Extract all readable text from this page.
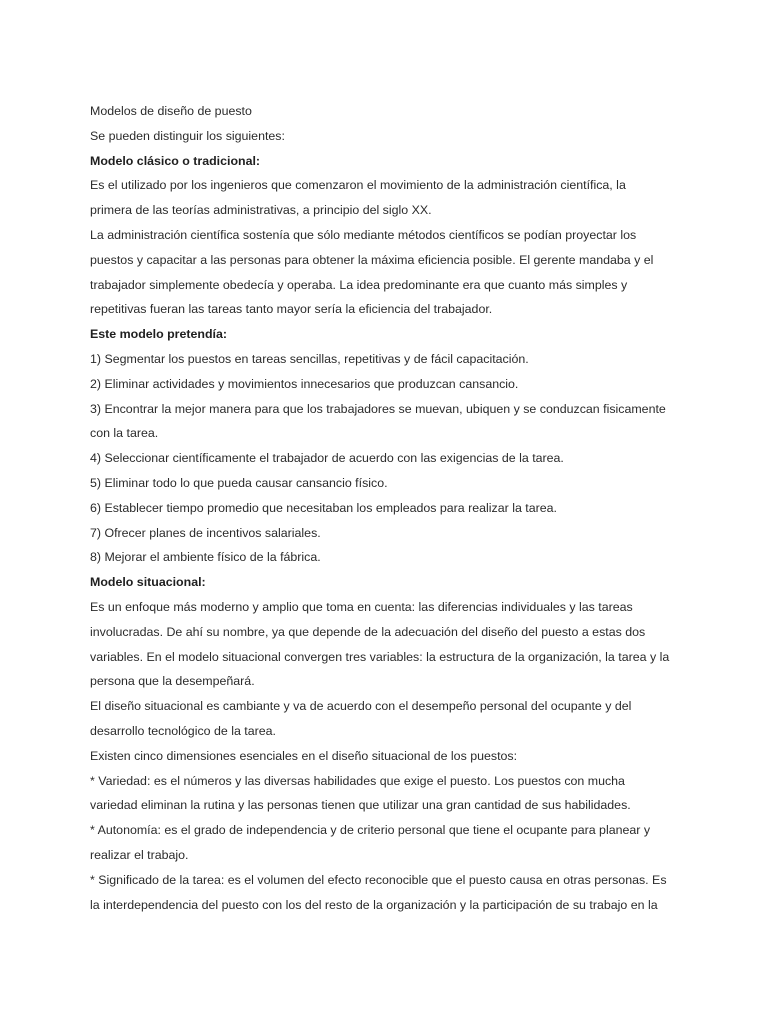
Modelos de diseño de puesto
Se pueden distinguir los siguientes:
Modelo clásico o tradicional:
Es el utilizado por los ingenieros que comenzaron el movimiento de la administración científica, la
primera de las teorías administrativas, a principio del siglo XX.
La administración científica sostenía que sólo mediante métodos científicos se podían proyectar los
puestos y capacitar a las personas para obtener la máxima eficiencia posible. El gerente mandaba y el
trabajador simplemente obedecía y operaba. La idea predominante era que cuanto más simples y
repetitivas fueran las tareas tanto mayor sería la eficiencia del trabajador.
Este modelo pretendía:
1) Segmentar los puestos en tareas sencillas, repetitivas y de fácil capacitación.
2) Eliminar actividades y movimientos innecesarios que produzcan cansancio.
3) Encontrar la mejor manera para que los trabajadores se muevan, ubiquen y se conduzcan fisicamente
con la tarea.
4) Seleccionar científicamente el trabajador de acuerdo con las exigencias de la tarea.
5) Eliminar todo lo que pueda causar cansancio físico.
6) Establecer tiempo promedio que necesitaban los empleados para realizar la tarea.
7) Ofrecer planes de incentivos salariales.
8) Mejorar el ambiente físico de la fábrica.
Modelo situacional:
Es un enfoque más moderno y amplio que toma en cuenta: las diferencias individuales y las tareas
involucradas. De ahí su nombre, ya que depende de la adecuación del diseño del puesto a estas dos
variables. En el modelo situacional convergen tres variables: la estructura de la organización, la tarea y la
persona que la desempeñará.
El diseño situacional es cambiante y va de acuerdo con el desempeño personal del ocupante y del
desarrollo tecnológico de la tarea.
Existen cinco dimensiones esenciales en el diseño situacional de los puestos:
* Variedad: es el números y las diversas habilidades que exige el puesto. Los puestos con mucha
variedad eliminan la rutina y las personas tienen que utilizar una gran cantidad de sus habilidades.
* Autonomía: es el grado de independencia y de criterio personal que tiene el ocupante para planear y
realizar el trabajo.
* Significado de la tarea: es el volumen del efecto reconocible que el puesto causa en otras personas. Es
la interdependencia del puesto con los del resto de la organización y la participación de su trabajo en la
